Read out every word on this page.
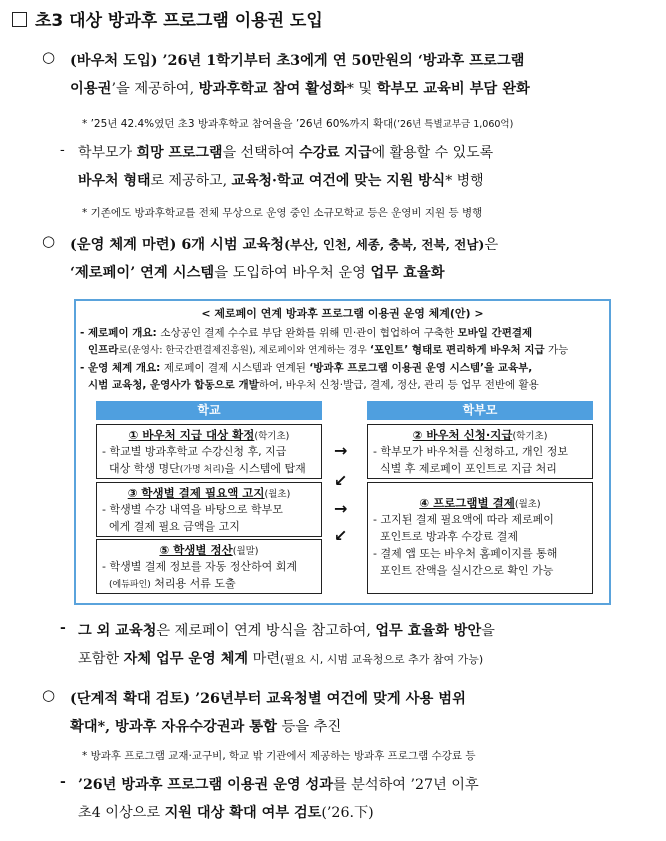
초3 대상 방과후 프로그램 이용권 도입
○ (바우처 도입) ’26년 1학기부터 초3에게 연 50만원의 ‘방과후 프로그램
이용권’을 제공하여, 방과후학교 참여 활성화* 및 학부모 교육비 부담 완화
* ’25년 42.4%였던 초3 방과후학교 참여율을 ’26년 60%까지 확대(’26년 특별교부금 1,060억)
- 학부모가 희망 프로그램을 선택하여 수강료 지급에 활용할 수 있도록
바우처 형태로 제공하고, 교육청·학교 여건에 맞는 지원 방식* 병행
* 기존에도 방과후학교를 전체 무상으로 운영 중인 소규모학교 등은 운영비 지원 등 병행
○ (운영 체계 마련) 6개 시범 교육청(부산, 인천, 세종, 충북, 전북, 전남)은
‘제로페이’ 연계 시스템을 도입하여 바우처 운영 업무 효율화
< 제로페이 연계 방과후 프로그램 이용권 운영 체계(안) >
- 제로페이 개요: 소상공인 결제 수수료 부담 완화를 위해 민·관이 협업하여 구축한 모바일 간편결제
인프라로(운영사: 한국간편결제진흥원), 제로페이와 연계하는 경우 ‘포인트’ 형태로 편리하게 바우처 지급 가능
- 운영 체계 개요: 제로페이 결제 시스템과 연계된 ‘방과후 프로그램 이용권 운영 시스템’을 교육부,
시범 교육청, 운영사가 합동으로 개발하여, 바우처 신청·발급, 결제, 정산, 관리 등 업무 전반에 활용
학교	학부모
① 바우처 지급 대상 확정(학기초)
- 학교별 방과후학교 수강신청 후, 지급
대상 학생 명단(가명 처리)을 시스템에 탑재
② 바우처 신청·지급(학기초)
- 학부모가 바우처를 신청하고, 개인 정보
식별 후 제로페이 포인트로 지급 처리
→
↙
③ 학생별 결제 필요액 고지(월초)
- 학생별 수강 내역을 바탕으로 학부모
에게 결제 필요 금액을 고지
→
↙
④ 프로그램별 결제(월초)
- 고지된 결제 필요액에 따라 제로페이
포인트로 방과후 수강료 결제
- 결제 앱 또는 바우처 홈페이지를 통해
포인트 잔액을 실시간으로 확인 가능
⑤ 학생별 정산(월말)
- 학생별 결제 정보를 자동 정산하여 회계
(에듀파인) 처리용 서류 도출
- 그 외 교육청은 제로페이 연계 방식을 참고하여, 업무 효율화 방안을
포함한 자체 업무 운영 체계 마련(필요 시, 시범 교육청으로 추가 참여 가능)
○ (단계적 확대 검토) ’26년부터 교육청별 여건에 맞게 사용 범위
확대*, 방과후 자유수강권과 통합 등을 추진
* 방과후 프로그램 교재·교구비, 학교 밖 기관에서 제공하는 방과후 프로그램 수강료 등
- ’26년 방과후 프로그램 이용권 운영 성과를 분석하여 ’27년 이후
초4 이상으로 지원 대상 확대 여부 검토(’26.下)
